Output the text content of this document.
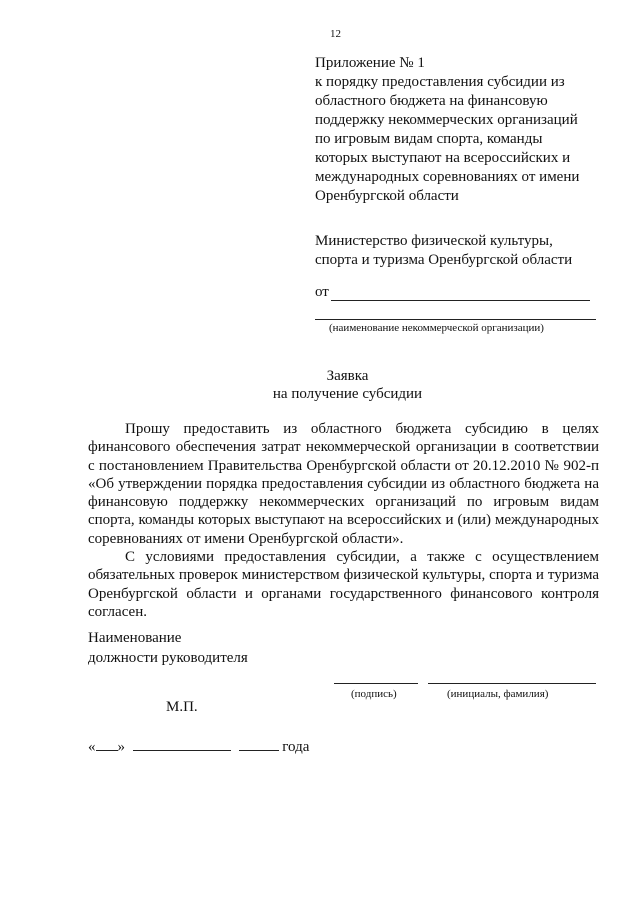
12
Приложение № 1
к порядку предоставления субсидии из
областного бюджета на финансовую
поддержку некоммерческих организаций
по игровым видам спорта, команды
которых выступают на всероссийских и
международных соревнованиях от имени
Оренбургской области
Министерство физической культуры,
спорта и туризма Оренбургской области
от
(наименование некоммерческой организации)
Заявка
на получение субсидии

Прошу предоставить из областного бюджета субсидию в целях финансового обеспечения затрат некоммерческой организации в соответствии с постановлением Правительства Оренбургской области от 20.12.2010 № 902-п «Об утверждении порядка предоставления субсидии из областного бюджета на финансовую поддержку некоммерческих организаций по игровым видам спорта, команды которых выступают на всероссийских и (или) международных соревнованиях от имени Оренбургской области».

С условиями предоставления субсидии, а также с осуществлением обязательных проверок министерством физической культуры, спорта и туризма Оренбургской области и органами государственного финансового контроля согласен.

Наименование
должности руководителя
(подпись)	(инициалы, фамилия)
М.П.
« »	года
